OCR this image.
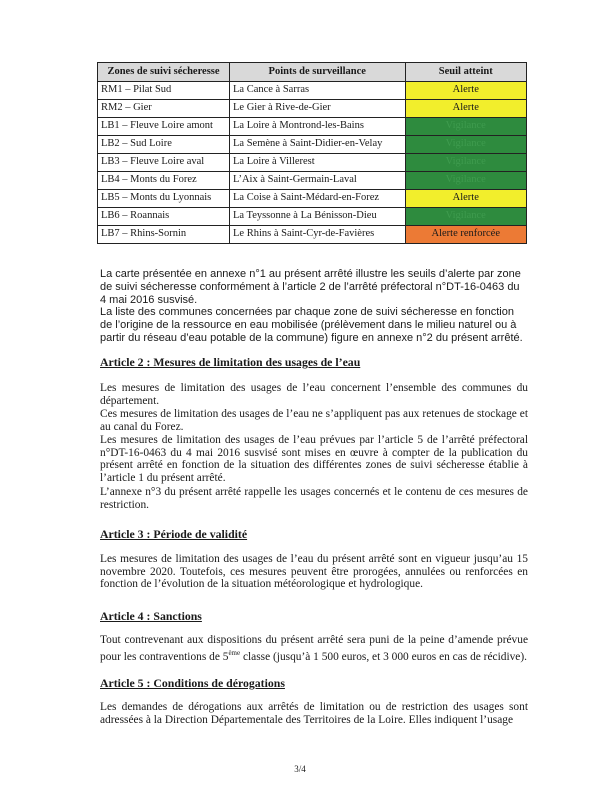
Zones de suivi sécheresse	Points de surveillance	Seuil atteint
RM1 – Pilat Sud	La Cance à Sarras	Alerte
RM2 – Gier	Le Gier à Rive-de-Gier	Alerte
LB1 – Fleuve Loire amont	La Loire à Montrond-les-Bains	Vigilance
LB2 – Sud Loire	La Semène à Saint-Didier-en-Velay	Vigilance
LB3 – Fleuve Loire aval	La Loire à Villerest	Vigilance
LB4 – Monts du Forez	L’Aix à Saint-Germain-Laval	Vigilance
LB5 – Monts du Lyonnais	La Coise à Saint-Médard-en-Forez	Alerte
LB6 – Roannais	La Teyssonne à La Bénisson-Dieu	Vigilance
LB7 – Rhins-Sornin	Le Rhins à Saint-Cyr-de-Favières	Alerte renforcée
La carte présentée en annexe n°1 au présent arrêté illustre les seuils d’alerte par zone de suivi sécheresse conformément à l’article 2 de l’arrêté préfectoral n°DT-16-0463 du 4 mai 2016 susvisé.
La liste des communes concernées par chaque zone de suivi sécheresse en fonction de l’origine de la ressource en eau mobilisée (prélèvement dans le milieu naturel ou à partir du réseau d’eau potable de la commune) figure en annexe n°2 du présent arrêté.
Article 2 : Mesures de limitation des usages de l’eau
Les mesures de limitation des usages de l’eau concernent l’ensemble des communes du département.
Ces mesures de limitation des usages de l’eau ne s’appliquent pas aux retenues de stockage et au canal du Forez.
Les mesures de limitation des usages de l’eau prévues par l’article 5 de l’arrêté préfectoral n°DT-16-0463 du 4 mai 2016 susvisé sont mises en œuvre à compter de la publication du présent arrêté en fonction de la situation des différentes zones de suivi sécheresse établie à l’article 1 du présent arrêté.
L’annexe n°3 du présent arrêté rappelle les usages concernés et le contenu de ces mesures de restriction.
Article 3 : Période de validité
Les mesures de limitation des usages de l’eau du présent arrêté sont en vigueur jusqu’au 15 novembre 2020. Toutefois, ces mesures peuvent être prorogées, annulées ou renforcées en fonction de l’évolution de la situation météorologique et hydrologique.
Article 4 : Sanctions
Tout contrevenant aux dispositions du présent arrêté sera puni de la peine d’amende prévue pour les contraventions de 5ème classe (jusqu’à 1 500 euros, et 3 000 euros en cas de récidive).
Article 5 : Conditions de dérogations
Les demandes de dérogations aux arrêtés de limitation ou de restriction des usages sont adressées à la Direction Départementale des Territoires de la Loire. Elles indiquent l’usage
3/4
